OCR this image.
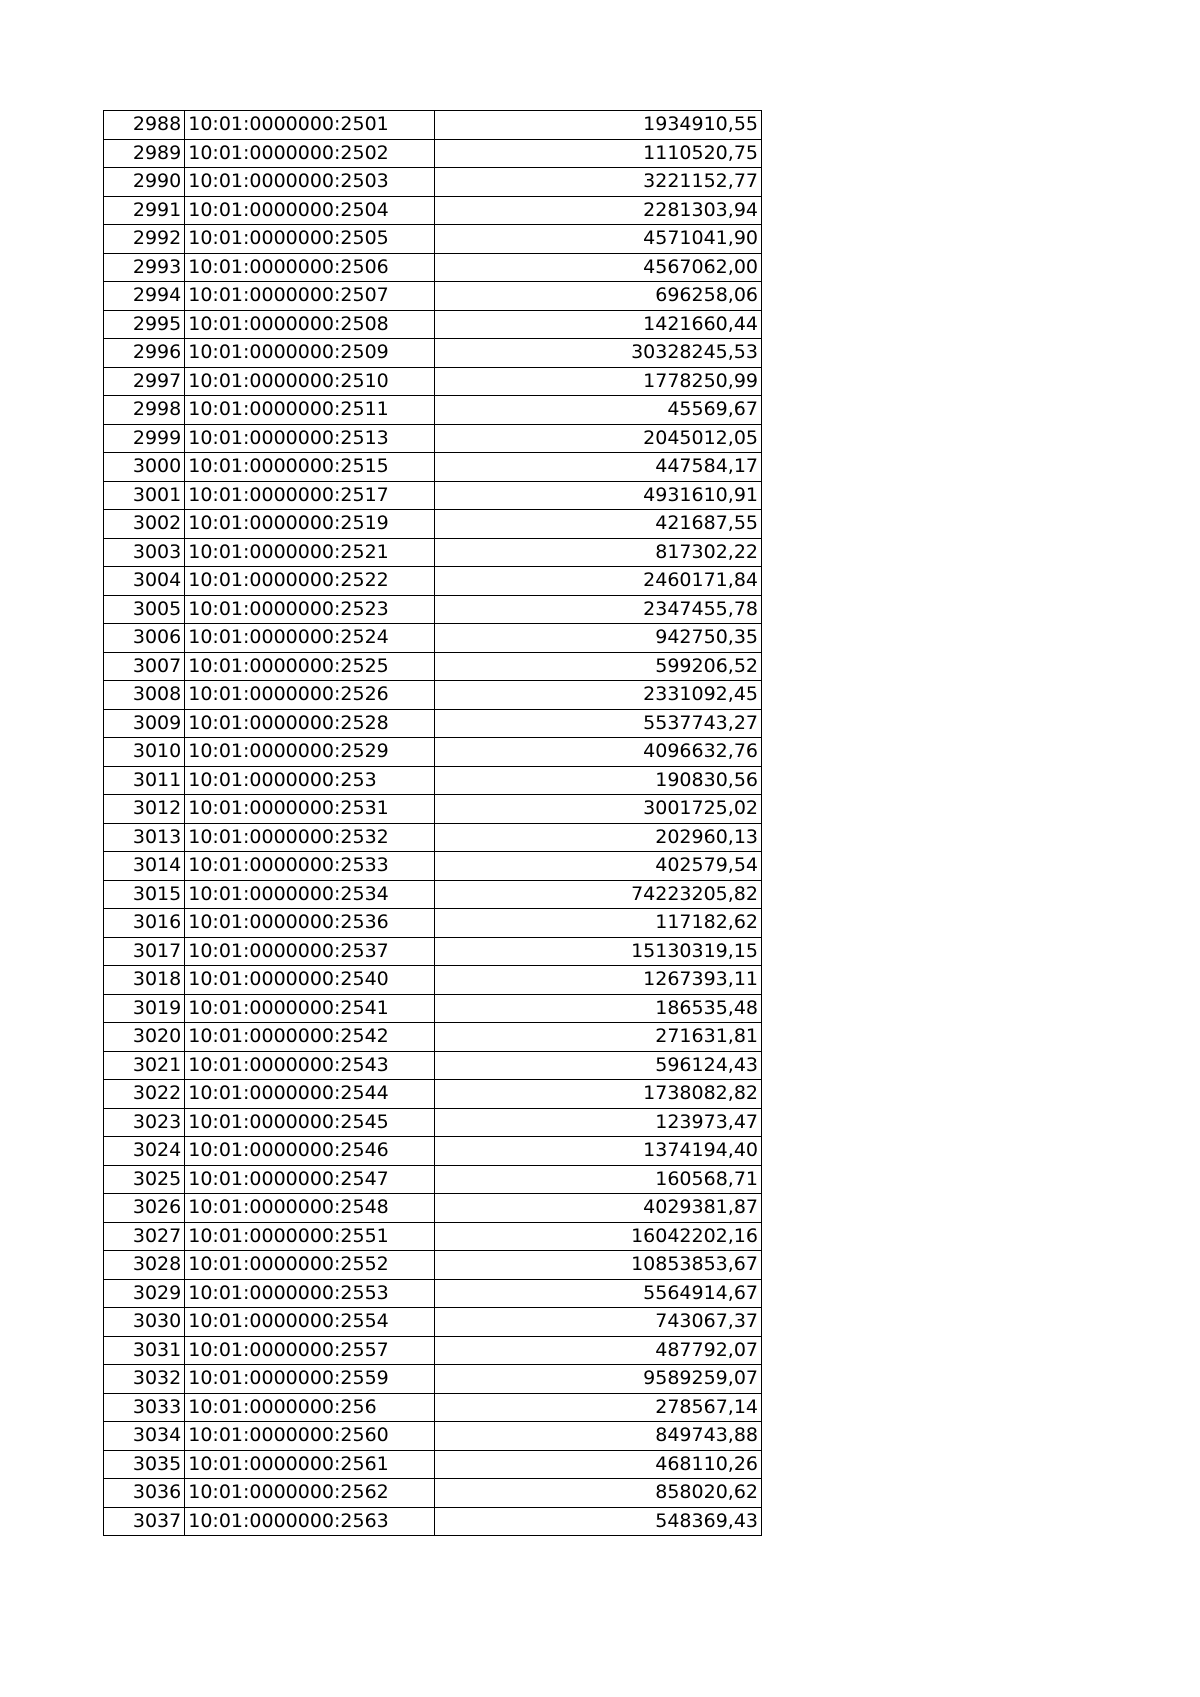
2988	10:01:0000000:2501	1934910,55
2989	10:01:0000000:2502	1110520,75
2990	10:01:0000000:2503	3221152,77
2991	10:01:0000000:2504	2281303,94
2992	10:01:0000000:2505	4571041,90
2993	10:01:0000000:2506	4567062,00
2994	10:01:0000000:2507	696258,06
2995	10:01:0000000:2508	1421660,44
2996	10:01:0000000:2509	30328245,53
2997	10:01:0000000:2510	1778250,99
2998	10:01:0000000:2511	45569,67
2999	10:01:0000000:2513	2045012,05
3000	10:01:0000000:2515	447584,17
3001	10:01:0000000:2517	4931610,91
3002	10:01:0000000:2519	421687,55
3003	10:01:0000000:2521	817302,22
3004	10:01:0000000:2522	2460171,84
3005	10:01:0000000:2523	2347455,78
3006	10:01:0000000:2524	942750,35
3007	10:01:0000000:2525	599206,52
3008	10:01:0000000:2526	2331092,45
3009	10:01:0000000:2528	5537743,27
3010	10:01:0000000:2529	4096632,76
3011	10:01:0000000:253	190830,56
3012	10:01:0000000:2531	3001725,02
3013	10:01:0000000:2532	202960,13
3014	10:01:0000000:2533	402579,54
3015	10:01:0000000:2534	74223205,82
3016	10:01:0000000:2536	117182,62
3017	10:01:0000000:2537	15130319,15
3018	10:01:0000000:2540	1267393,11
3019	10:01:0000000:2541	186535,48
3020	10:01:0000000:2542	271631,81
3021	10:01:0000000:2543	596124,43
3022	10:01:0000000:2544	1738082,82
3023	10:01:0000000:2545	123973,47
3024	10:01:0000000:2546	1374194,40
3025	10:01:0000000:2547	160568,71
3026	10:01:0000000:2548	4029381,87
3027	10:01:0000000:2551	16042202,16
3028	10:01:0000000:2552	10853853,67
3029	10:01:0000000:2553	5564914,67
3030	10:01:0000000:2554	743067,37
3031	10:01:0000000:2557	487792,07
3032	10:01:0000000:2559	9589259,07
3033	10:01:0000000:256	278567,14
3034	10:01:0000000:2560	849743,88
3035	10:01:0000000:2561	468110,26
3036	10:01:0000000:2562	858020,62
3037	10:01:0000000:2563	548369,43
